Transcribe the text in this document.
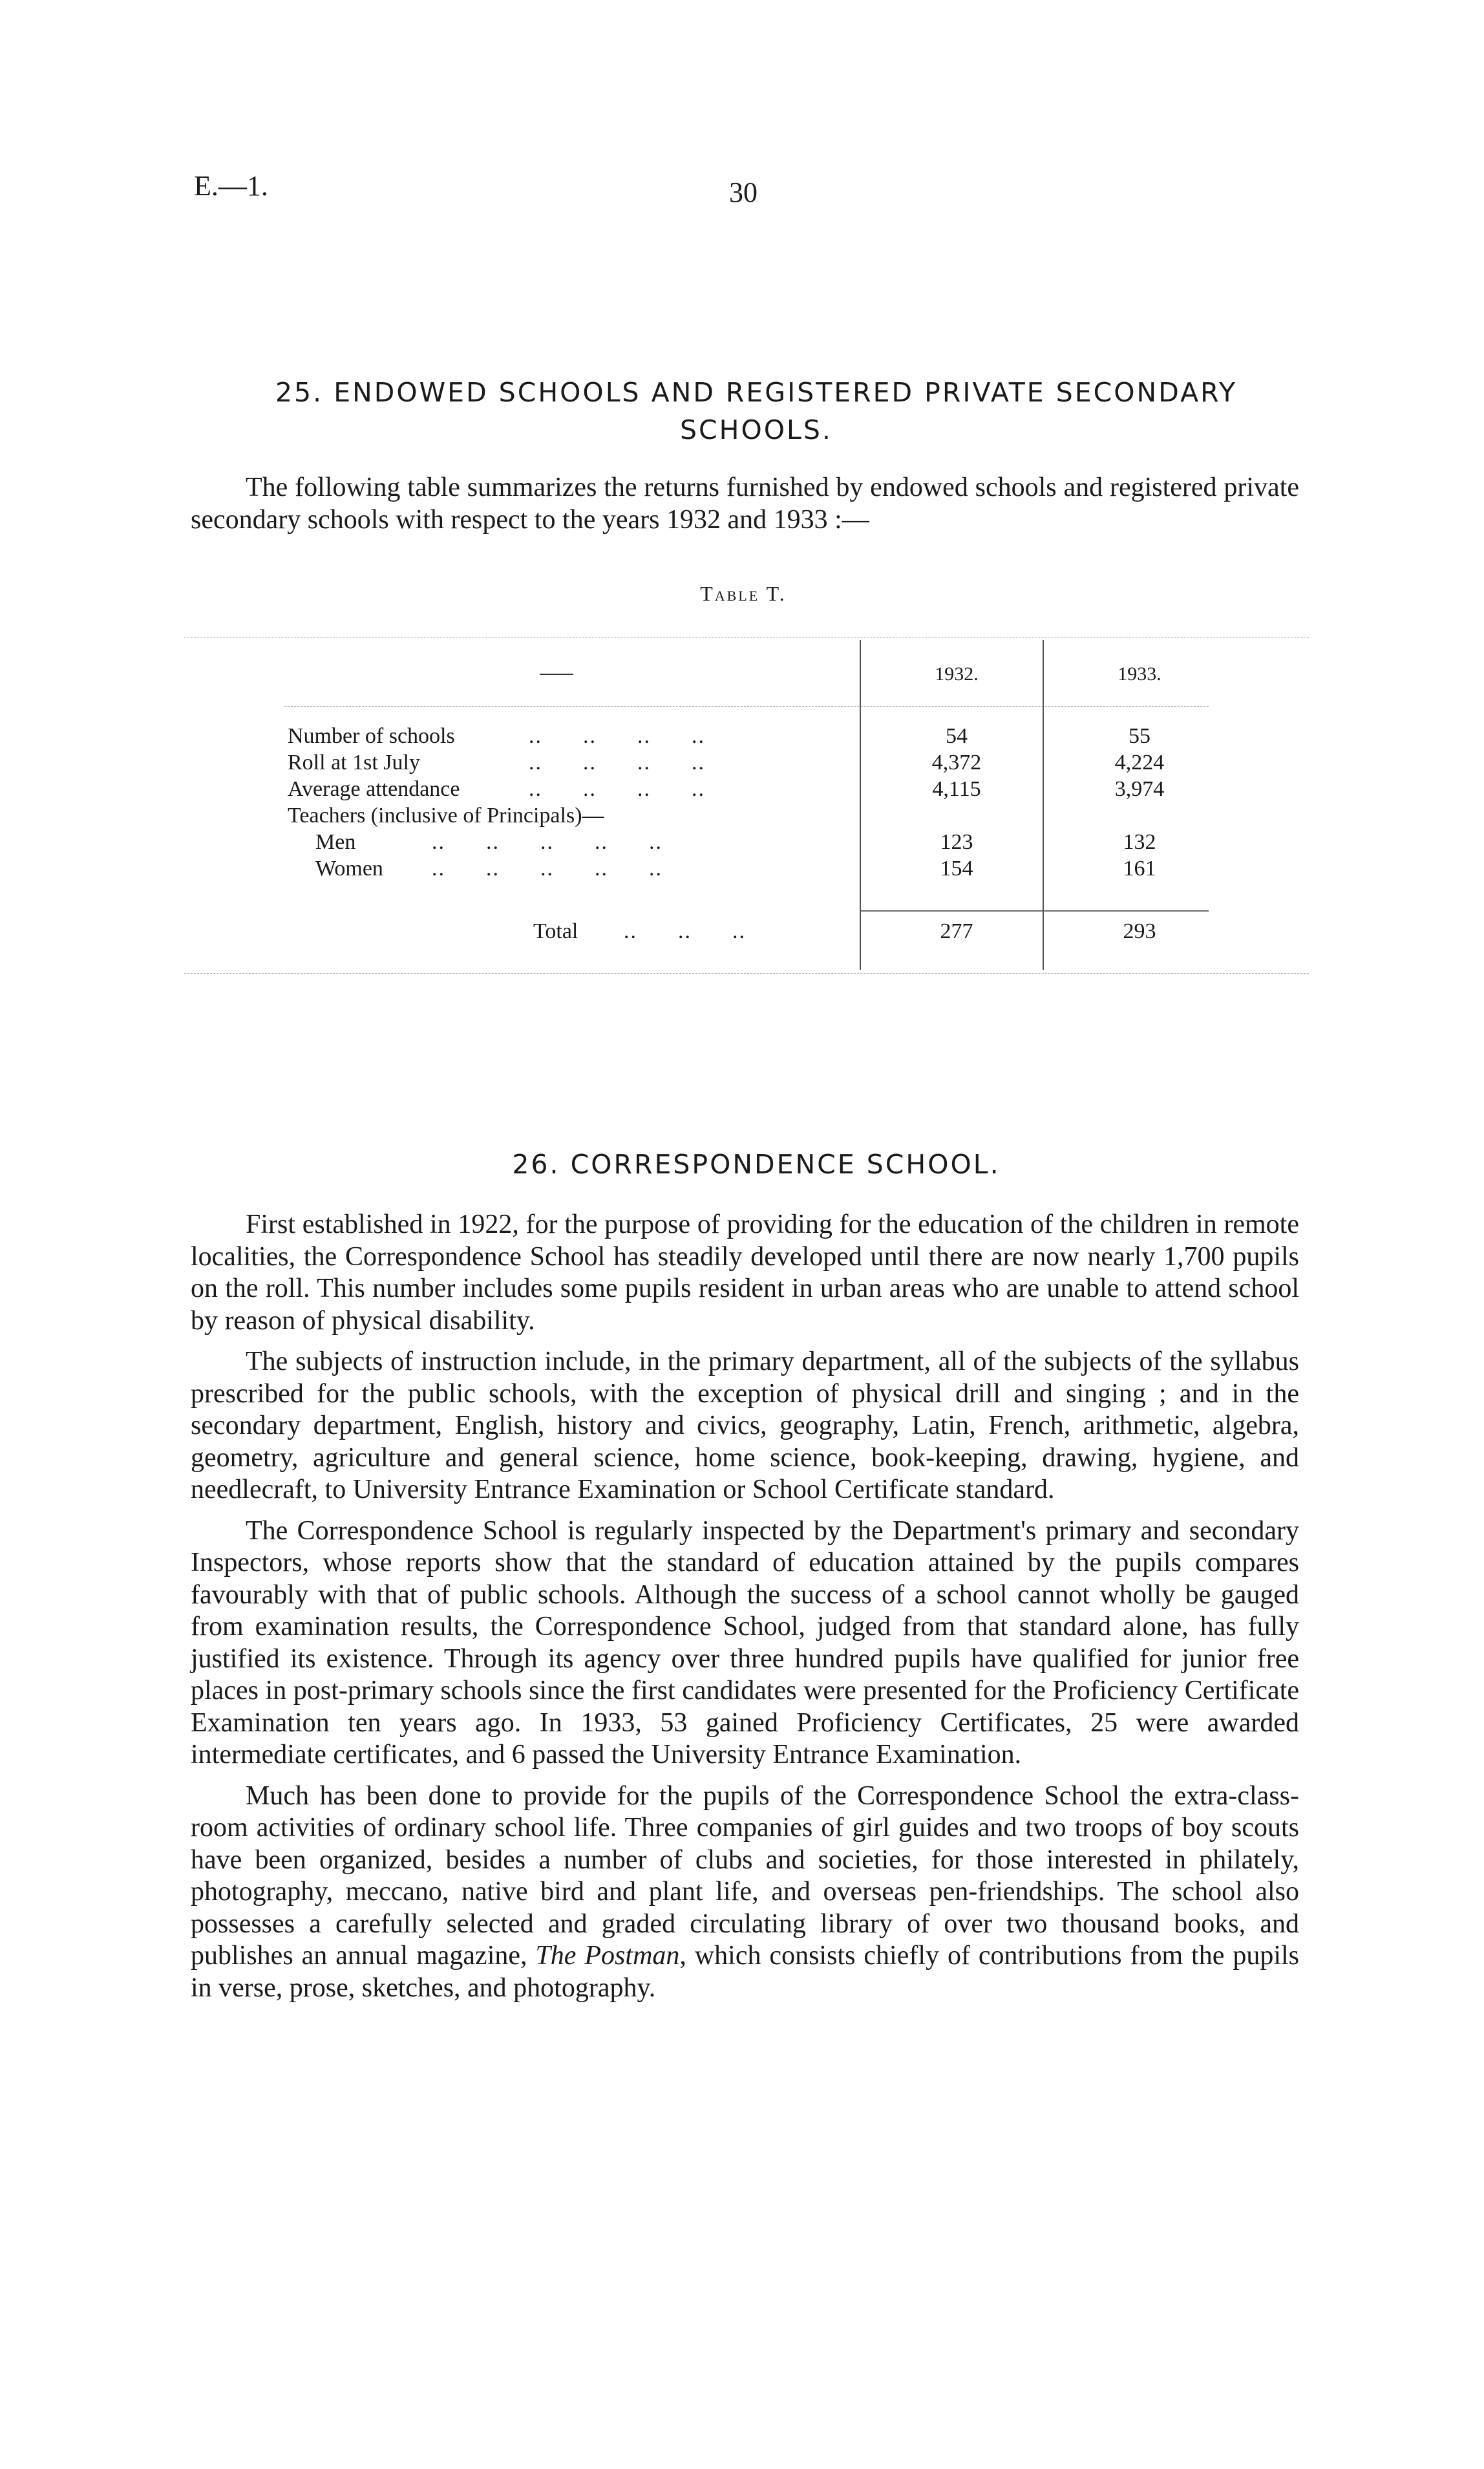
E.—1.	30
25. ENDOWED SCHOOLS AND REGISTERED PRIVATE SECONDARY
SCHOOLS.

The following table summarizes the returns furnished by endowed schools and registered private secondary schools with respect to the years 1932 and 1933 :—

Table T.
1932.	1933.
Number of schools	..      ..      ..      ..	54	55
Roll at 1st July	..      ..      ..      ..	4,372	4,224
Average attendance	..      ..      ..      ..	4,115	3,974
Teachers (inclusive of Principals)—
Men	..      ..      ..      ..      ..	123	132
Women ..      ..      ..      ..      ..	154	161
Total ..      ..      ..	277	293
26. CORRESPONDENCE SCHOOL.

First established in 1922, for the purpose of providing for the education of the children in remote localities, the Correspondence School has steadily developed until there are now nearly 1,700 pupils on the roll. This number includes some pupils resident in urban areas who are unable to attend school by reason of physical disability.

The subjects of instruction include, in the primary department, all of the subjects of the syllabus prescribed for the public schools, with the exception of physical drill and singing ; and in the secondary department, English, history and civics, geography, Latin, French, arithmetic, algebra, geometry, agriculture and general science, home science, book-keeping, drawing, hygiene, and needlecraft, to University Entrance Examination or School Certificate standard.

The Correspondence School is regularly inspected by the Department's primary and secondary Inspectors, whose reports show that the standard of education attained by the pupils compares favourably with that of public schools. Although the success of a school cannot wholly be gauged from examination results, the Correspondence School, judged from that standard alone, has fully justified its existence. Through its agency over three hundred pupils have qualified for junior free places in post-primary schools since the first candidates were presented for the Proficiency Certificate Examination ten years ago. In 1933, 53 gained Proficiency Certificates, 25 were awarded intermediate certificates, and 6 passed the University Entrance Examination.

Much has been done to provide for the pupils of the Correspondence School the extra-class-room activities of ordinary school life. Three companies of girl guides and two troops of boy scouts have been organized, besides a number of clubs and societies, for those interested in philately, photography, meccano, native bird and plant life, and overseas pen-friendships. The school also possesses a carefully selected and graded circulating library of over two thousand books, and publishes an annual magazine, The Postman, which consists chiefly of contributions from the pupils in verse, prose, sketches, and photography.
